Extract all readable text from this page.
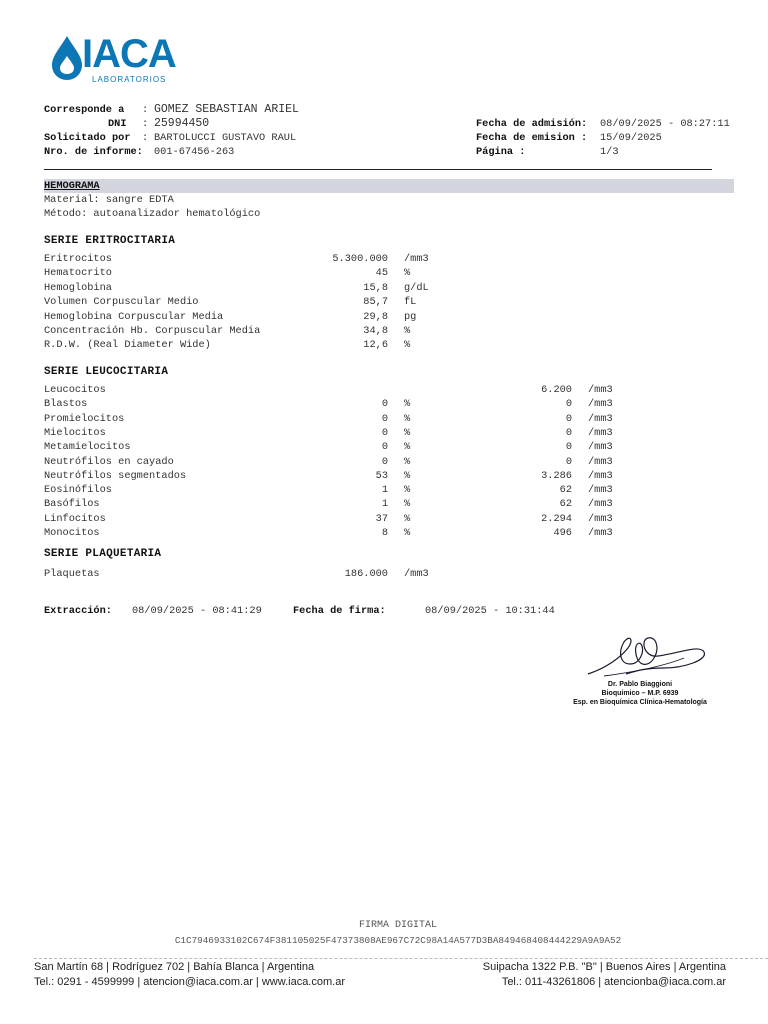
IACA
LABORATORIOS
Corresponde a : GOMEZ SEBASTIAN ARIEL
DNI : 25994450
Solicitado por : BARTOLUCCI GUSTAVO RAUL
Nro. de informe: 001-67456-263
Fecha de admisión: 08/09/2025 - 08:27:11
Fecha de emision : 15/09/2025
Página :	1/3
HEMOGRAMA
Material: sangre EDTA
Método: autoanalizador hematológico
SERIE ERITROCITARIA
Eritrocitos	5.300.000 /mm3
Hematocrito	45 %
Hemoglobina	15,8 g/dL
Volumen Corpuscular Medio	85,7 fL
Hemoglobina Corpuscular Media	29,8 pg
Concentración Hb. Corpuscular Media	34,8 %
R.D.W. (Real Diameter Wide)	12,6 %
SERIE LEUCOCITARIA
Leucocitos	6.200 /mm3
Blastos	0 %	0 /mm3
Promielocitos	0 %	0 /mm3
Mielocitos	0 %	0 /mm3
Metamielocitos	0 %	0 /mm3
Neutrófilos en cayado	0 %	0 /mm3
Neutrófilos segmentados	53 %	3.286 /mm3
Eosinófilos	1 %	62 /mm3
Basófilos	1 %	62 /mm3
Linfocitos	37 %	2.294 /mm3
Monocitos	8 %	496 /mm3
SERIE PLAQUETARIA
Plaquetas	186.000 /mm3
Extracción: 08/09/2025 - 08:41:29	Fecha de firma:	08/09/2025 - 10:31:44
Dr. Pablo Biaggioni
Bioquímico – M.P. 6939
Esp. en Bioquímica Clínica-Hematología
FIRMA DIGITAL
C1C7946933102C674F381105025F47373808AE967C72C98A14A577D3BA849468408444229A9A9A52
San Martín 68 | Rodríguez 702 | Bahía Blanca | Argentina
Tel.: 0291 - 4599999 | atencion@iaca.com.ar | www.iaca.com.ar
Suipacha 1322 P.B. "B" | Buenos Aires | Argentina
Tel.: 011-43261806 | atencionba@iaca.com.ar
